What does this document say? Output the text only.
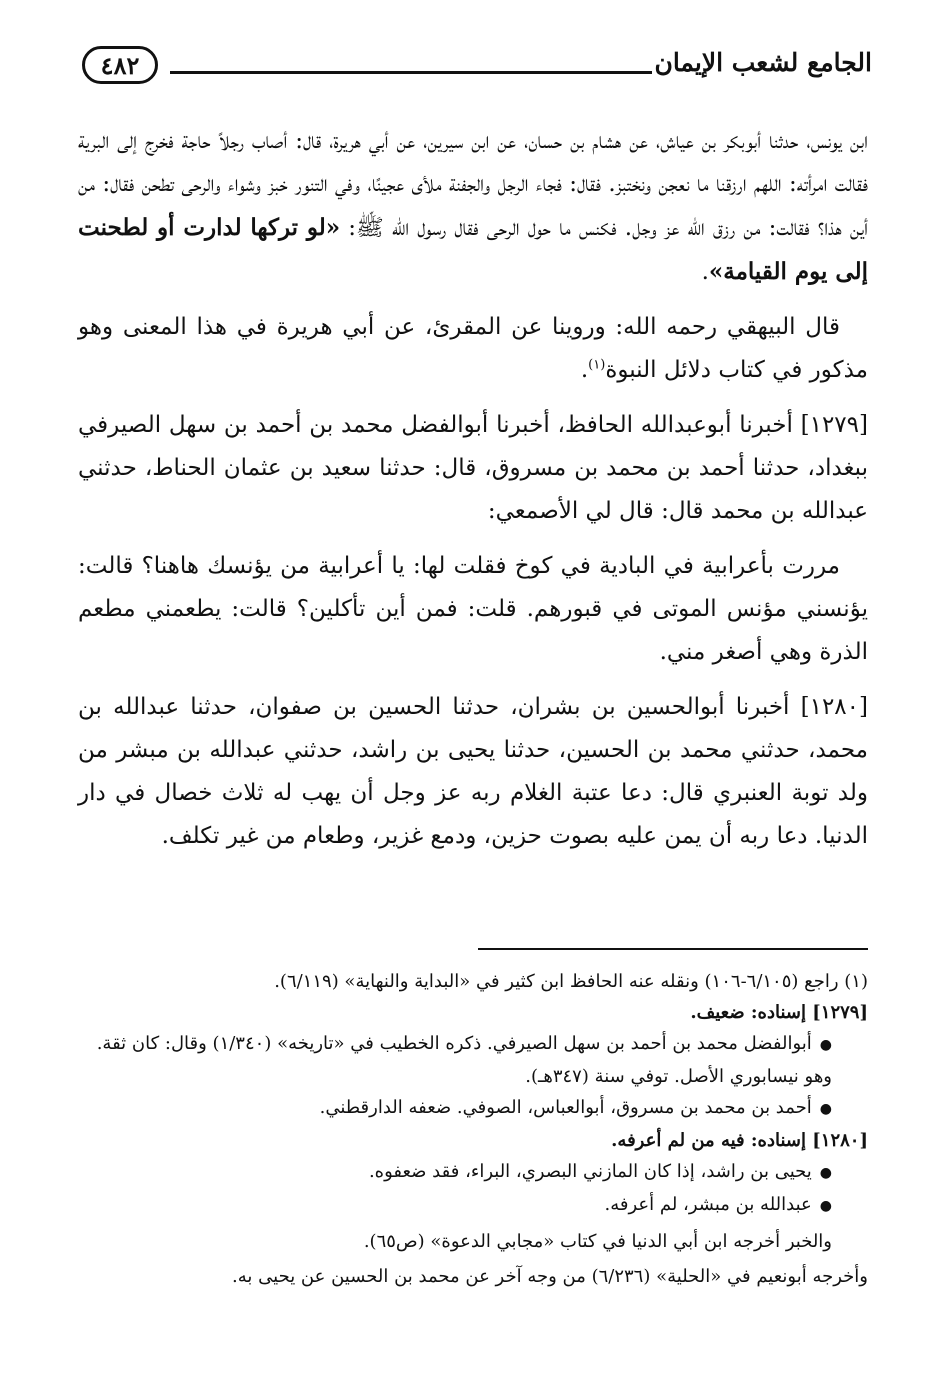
الجامع لشعب الإيمان
٤٨٢

ابن يونس، حدثنا أبوبكر بن عياش، عن هشام بن حسان، عن ابن سيرين، عن أبي هريرة، قال: أصاب رجلاً حاجة فخرج إلى البرية فقالت امرأته: اللهم ارزقنا ما نعجن ونختبز. فقال: فجاء الرجل والجفنة ملأى عجينًا، وفي التنور خبز وشواء والرحى تطحن فقال: من أين هذا؟ فقالت: من رزق الله عز وجل. فكنس ما حول الرحى فقال رسول الله ﷺ: «لو تركها لدارت أو لطحنت إلى يوم القيامة».

قال البيهقي رحمه الله: وروينا عن المقرئ، عن أبي هريرة في هذا المعنى وهو مذكور في كتاب دلائل النبوة$^{(١)}$.

[١٢٧٩] أخبرنا أبوعبدالله الحافظ، أخبرنا أبوالفضل محمد بن أحمد بن سهل الصيرفي ببغداد، حدثنا أحمد بن محمد بن مسروق، قال: حدثنا سعيد بن عثمان الحناط، حدثني عبدالله بن محمد قال: قال لي الأصمعي:

مررت بأعرابية في البادية في كوخ فقلت لها: يا أعرابية من يؤنسك هاهنا؟ قالت: يؤنسني مؤنس الموتى في قبورهم. قلت: فمن أين تأكلين؟ قالت: يطعمني مطعم الذرة وهي أصغر مني.

[١٢٨٠] أخبرنا أبوالحسين بن بشران، حدثنا الحسين بن صفوان، حدثنا عبدالله بن محمد، حدثني محمد بن الحسين، حدثنا يحيى بن راشد، حدثني عبدالله بن مبشر من ولد توبة العنبري قال: دعا عتبة الغلام ربه عز وجل أن يهب له ثلاث خصال في دار الدنيا. دعا ربه أن يمن عليه بصوت حزين، ودمع غزير، وطعام من غير تكلف.

(١) راجع (٦/١٠٥-١٠٦) ونقله عنه الحافظ ابن كثير في «البداية والنهاية» (٦/١١٩).

[١٢٧٩] إسناده: ضعيف.

●أبوالفضل محمد بن أحمد بن سهل الصيرفي. ذكره الخطيب في «تاريخه» (١/٣٤٠) وقال: كان ثقة. وهو نيسابوري الأصل. توفي سنة (٣٤٧هـ).

●أحمد بن محمد بن مسروق، أبوالعباس، الصوفي. ضعفه الدارقطني.

[١٢٨٠] إسناده: فيه من لم أعرفه.

●يحيى بن راشد، إذا كان المازني البصري، البراء، فقد ضعفوه.

●عبدالله بن مبشر، لم أعرفه.

والخبر أخرجه ابن أبي الدنيا في كتاب «مجابي الدعوة» (ص٦٥).

وأخرجه أبونعيم في «الحلية» (٦/٢٣٦) من وجه آخر عن محمد بن الحسين عن يحيى به.
